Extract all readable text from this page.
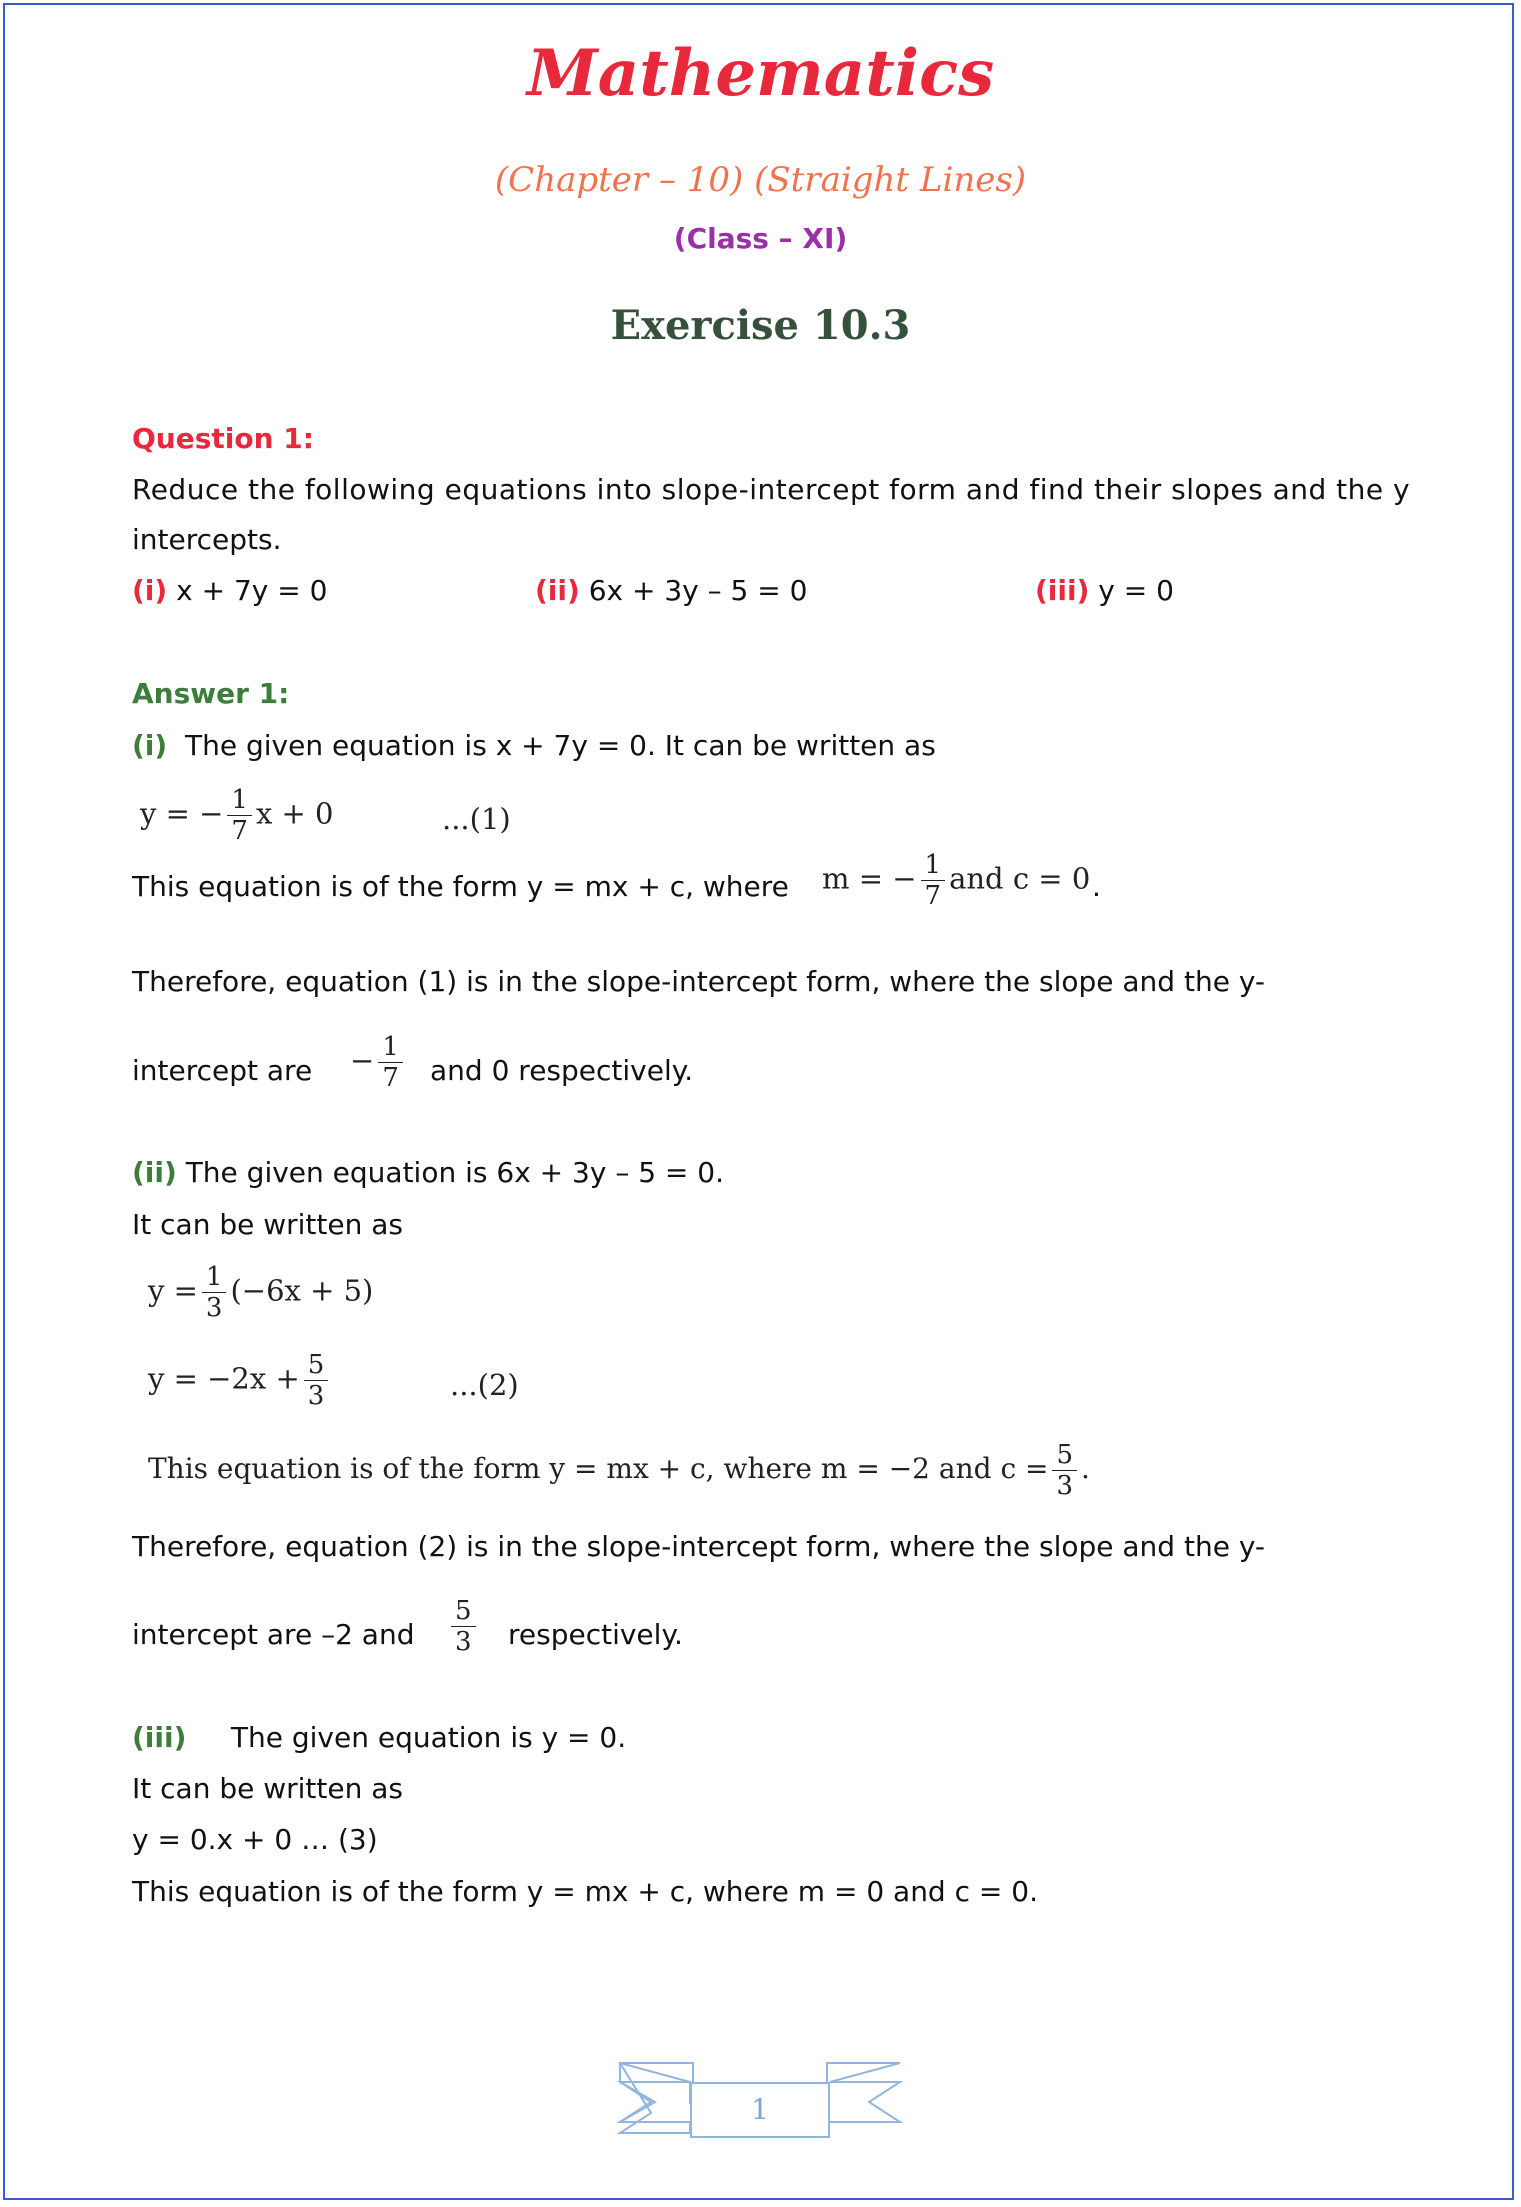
Mathematics
(Chapter – 10) (Straight Lines)
(Class – XI)
Exercise 10.3
Question 1:
Reduce the following equations into slope-intercept form and find their slopes and the y
intercepts.
(i) x + 7y = 0	(ii) 6x + 3y – 5 = 0	(iii) y = 0
Answer 1:
(i) The given equation is x + 7y = 0. It can be written as
y = − $\frac{1}{7}$ x + 0	...(1)
This equation is of the form y = mx + c, where m = − $\frac{1}{7}$ and c = 0 .
Therefore, equation (1) is in the slope-intercept form, where the slope and the y-
intercept are − $\frac{1}{7}$ and 0 respectively.
(ii) The given equation is 6x + 3y – 5 = 0.
It can be written as
$y = \frac{1}{3} (-6x + 5)$
$y = -2x + \frac{5}{3}$	...(2)
This equation is of the form y = mx + c, where m = −2 and $c = \frac{5}{3}$ .
Therefore, equation (2) is in the slope-intercept form, where the slope and the y-
intercept are –2 and $\frac{5}{3}$ respectively.
(iii) The given equation is y = 0.
It can be written as
y = 0.x + 0 … (3)
This equation is of the form y = mx + c, where m = 0 and c = 0.
1
